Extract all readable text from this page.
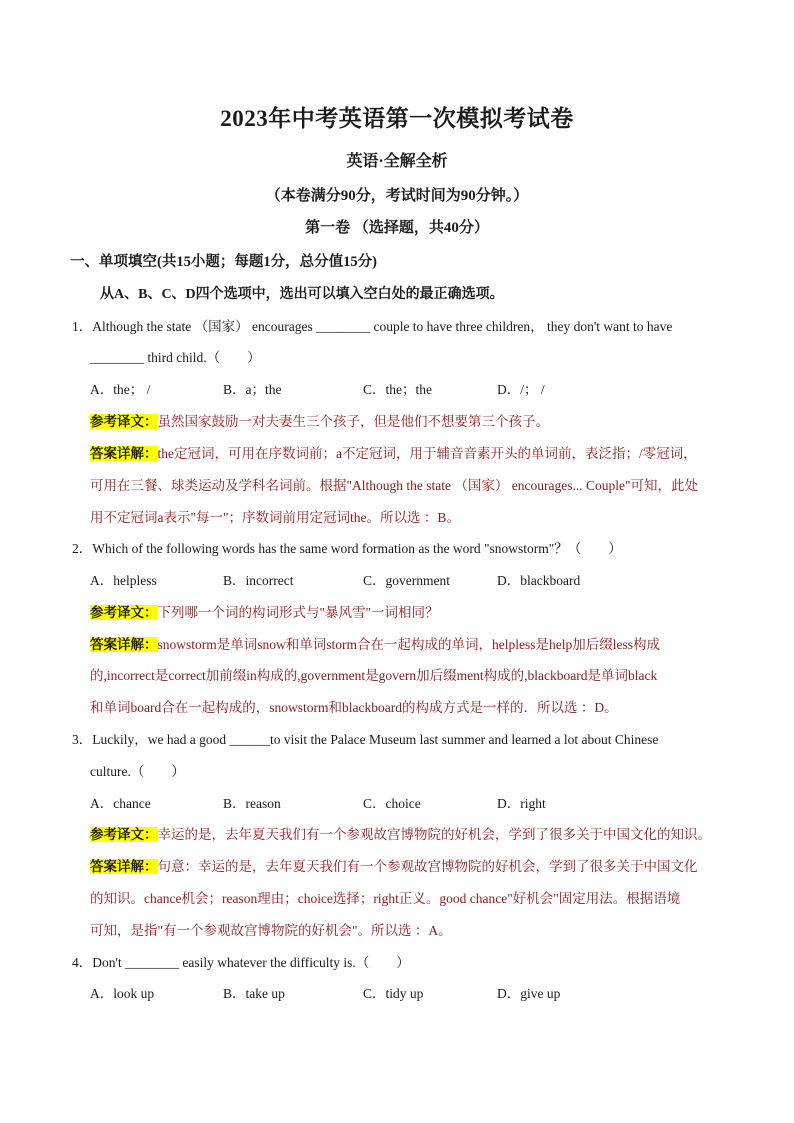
2023年中考英语第一次模拟考试卷
英语·全解全析
（本卷满分90分，考试时间为90分钟。）
第一卷 （选择题，共40分）
一、单项填空(共15小题；每题1分，总分值15分)
从A、B、C、D四个选项中，选出可以填入空白处的最正确选项。
1．Although the state （国家） encourages ________ couple to have three children， they don't want to have
________ third child.（　　）
A．the； /	B．a；the	C．the；the	D．/； /
参考译文：虽然国家鼓励一对夫妻生三个孩子，但是他们不想要第三个孩子。
答案详解：the定冠词，可用在序数词前；a不定冠词，用于辅音音素开头的单词前，表泛指；/零冠词，
可用在三餐、球类运动及学科名词前。根据"Although the state （国家） encourages... Couple"可知，此处
用不定冠词a表示"每一"；序数词前用定冠词the。所以选 ：B。
2．Which of the following words has the same word formation as the word "snowstorm"？（　　）
A．helpless	B．incorrect	C．government	D．blackboard
参考译文：下列哪一个词的构词形式与"暴风雪"一词相同？
答案详解：snowstorm是单词snow和单词storm合在一起构成的单词，helpless是help加后缀less构成
的,incorrect是correct加前缀in构成的,government是govern加后缀ment构成的,blackboard是单词black
和单词board合在一起构成的，snowstorm和blackboard的构成方式是一样的．所以选 ：D。
3．Luckily，we had a good ______to visit the Palace Museum last summer and learned a lot about Chinese
culture.（　　）
A．chance	B．reason	C．choice	D．right
参考译文：幸运的是，去年夏天我们有一个参观故宫博物院的好机会，学到了很多关于中国文化的知识。
答案详解：句意：幸运的是，去年夏天我们有一个参观故宫博物院的好机会，学到了很多关于中国文化
的知识。chance机会；reason理由；choice选择；right正义。good chance"好机会"固定用法。根据语境
可知，是指"有一个参观故宫博物院的好机会"。所以选 ：A。
4．Don't ________ easily whatever the difficulty is.（　　）
A．look up	B．take up	C．tidy up	D．give up
